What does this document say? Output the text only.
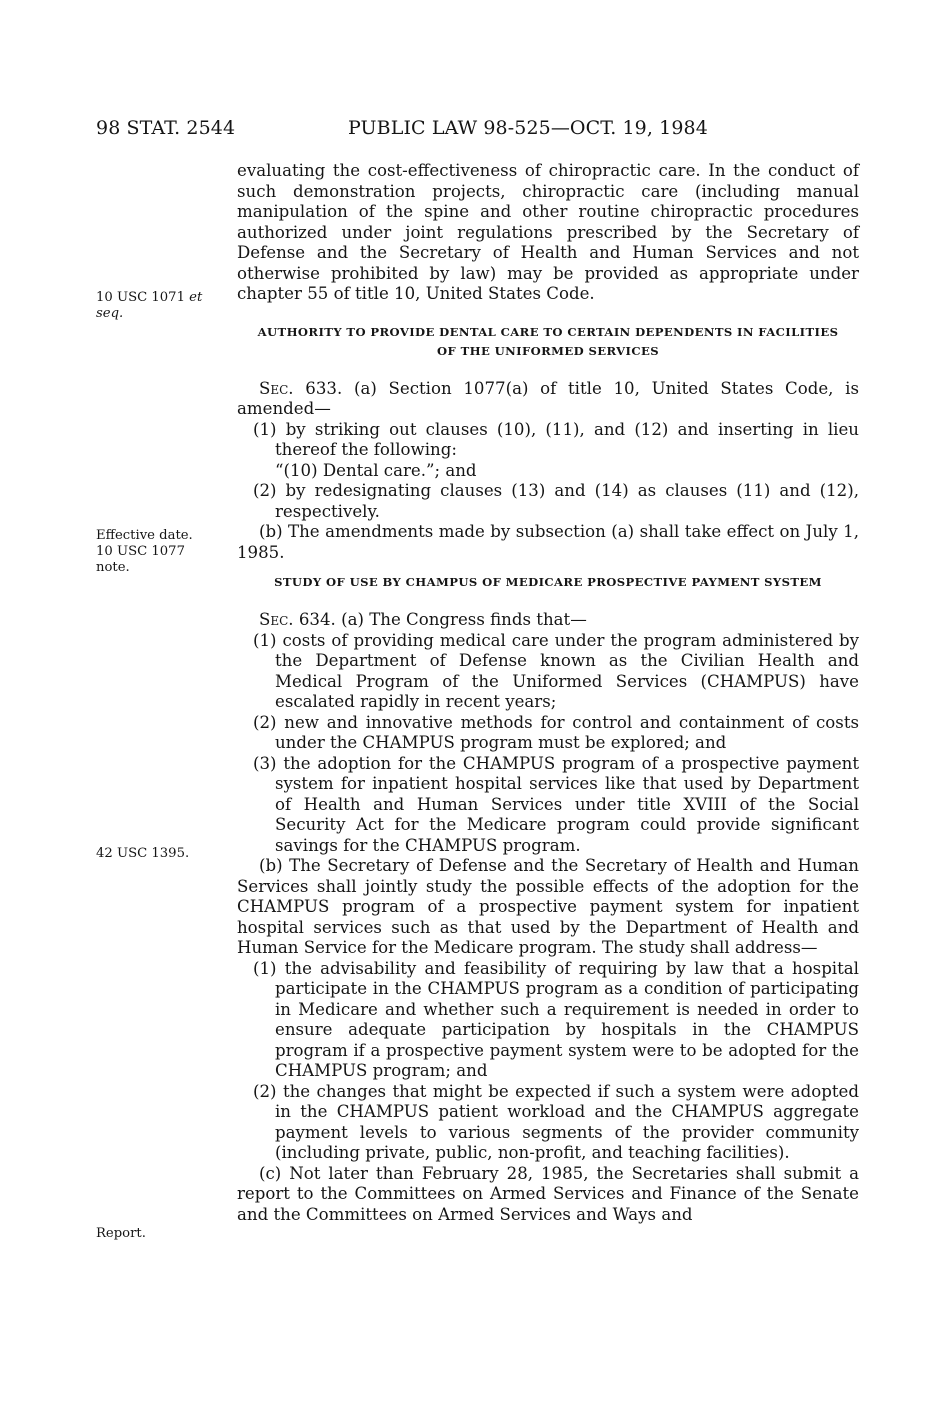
98 STAT. 2544	PUBLIC LAW 98-525—OCT. 19, 1984
10 USC 1071 et seq.
Effective date.
10 USC 1077
note.
42 USC 1395.
Report.

evaluating the cost-effectiveness of chiropractic care. In the conduct of such demonstration projects, chiropractic care (including manual manipulation of the spine and other routine chiropractic procedures authorized under joint regulations prescribed by the Secretary of Defense and the Secretary of Health and Human Services and not otherwise prohibited by law) may be provided as appropriate under chapter 55 of title 10, United States Code.

AUTHORITY TO PROVIDE DENTAL CARE TO CERTAIN DEPENDENTS IN FACILITIES OF THE UNIFORMED SERVICES

Sec. 633. (a) Section 1077(a) of title 10, United States Code, is amended—

(1) by striking out clauses (10), (11), and (12) and inserting in lieu thereof the following:

“(10) Dental care.”; and

(2) by redesignating clauses (13) and (14) as clauses (11) and (12), respectively.

(b) The amendments made by subsection (a) shall take effect on July 1, 1985.

STUDY OF USE BY CHAMPUS OF MEDICARE PROSPECTIVE PAYMENT SYSTEM

Sec. 634. (a) The Congress finds that—

(1) costs of providing medical care under the program administered by the Department of Defense known as the Civilian Health and Medical Program of the Uniformed Services (CHAMPUS) have escalated rapidly in recent years;

(2) new and innovative methods for control and containment of costs under the CHAMPUS program must be explored; and

(3) the adoption for the CHAMPUS program of a prospective payment system for inpatient hospital services like that used by Department of Health and Human Services under title XVIII of the Social Security Act for the Medicare program could provide significant savings for the CHAMPUS program.

(b) The Secretary of Defense and the Secretary of Health and Human Services shall jointly study the possible effects of the adoption for the CHAMPUS program of a prospective payment system for inpatient hospital services such as that used by the Department of Health and Human Service for the Medicare program. The study shall address—

(1) the advisability and feasibility of requiring by law that a hospital participate in the CHAMPUS program as a condition of participating in Medicare and whether such a requirement is needed in order to ensure adequate participation by hospitals in the CHAMPUS program if a prospective payment system were to be adopted for the CHAMPUS program; and

(2) the changes that might be expected if such a system were adopted in the CHAMPUS patient workload and the CHAMPUS aggregate payment levels to various segments of the provider community (including private, public, non-profit, and teaching facilities).

(c) Not later than February 28, 1985, the Secretaries shall submit a report to the Committees on Armed Services and Finance of the Senate and the Committees on Armed Services and Ways and
